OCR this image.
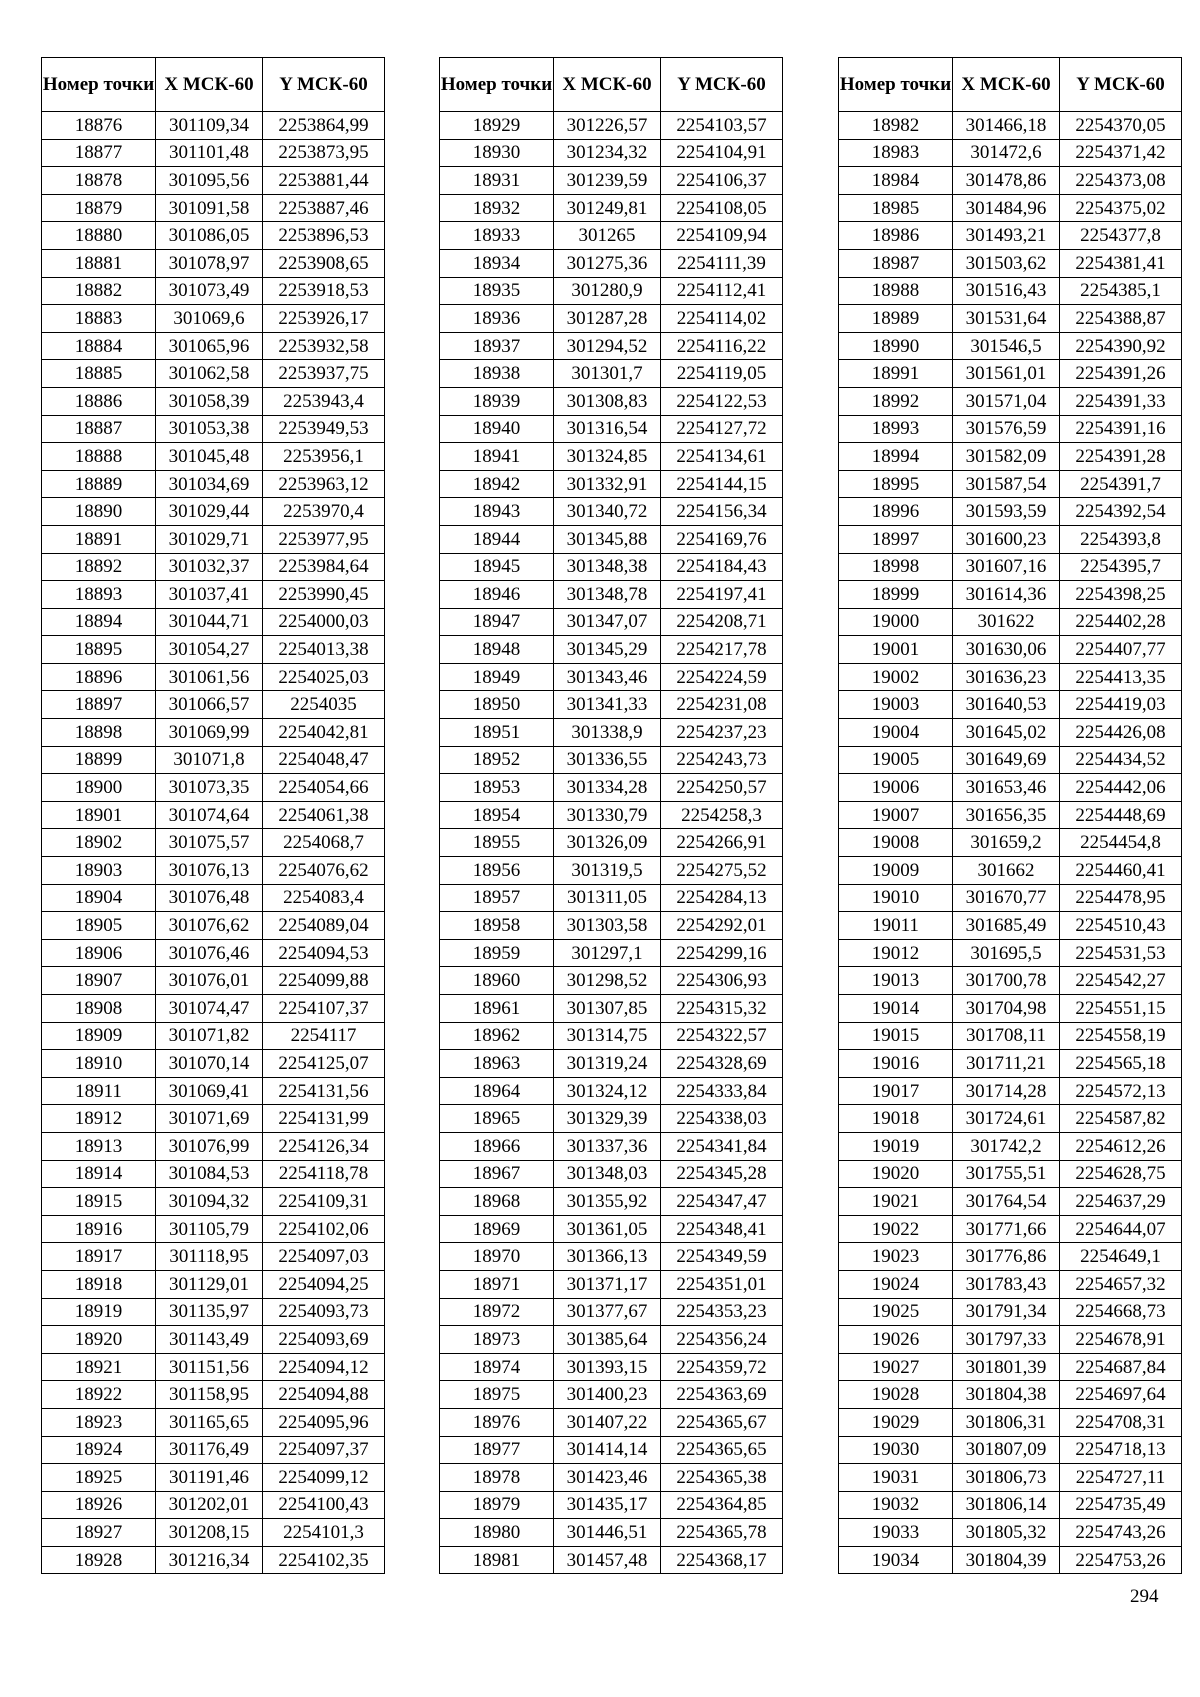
Номер точки	X МСК-60	Y МСК-60
18876	301109,34	2253864,99
18877	301101,48	2253873,95
18878	301095,56	2253881,44
18879	301091,58	2253887,46
18880	301086,05	2253896,53
18881	301078,97	2253908,65
18882	301073,49	2253918,53
18883	301069,6	2253926,17
18884	301065,96	2253932,58
18885	301062,58	2253937,75
18886	301058,39	2253943,4
18887	301053,38	2253949,53
18888	301045,48	2253956,1
18889	301034,69	2253963,12
18890	301029,44	2253970,4
18891	301029,71	2253977,95
18892	301032,37	2253984,64
18893	301037,41	2253990,45
18894	301044,71	2254000,03
18895	301054,27	2254013,38
18896	301061,56	2254025,03
18897	301066,57	2254035
18898	301069,99	2254042,81
18899	301071,8	2254048,47
18900	301073,35	2254054,66
18901	301074,64	2254061,38
18902	301075,57	2254068,7
18903	301076,13	2254076,62
18904	301076,48	2254083,4
18905	301076,62	2254089,04
18906	301076,46	2254094,53
18907	301076,01	2254099,88
18908	301074,47	2254107,37
18909	301071,82	2254117
18910	301070,14	2254125,07
18911	301069,41	2254131,56
18912	301071,69	2254131,99
18913	301076,99	2254126,34
18914	301084,53	2254118,78
18915	301094,32	2254109,31
18916	301105,79	2254102,06
18917	301118,95	2254097,03
18918	301129,01	2254094,25
18919	301135,97	2254093,73
18920	301143,49	2254093,69
18921	301151,56	2254094,12
18922	301158,95	2254094,88
18923	301165,65	2254095,96
18924	301176,49	2254097,37
18925	301191,46	2254099,12
18926	301202,01	2254100,43
18927	301208,15	2254101,3
18928	301216,34	2254102,35
Номер точки	X МСК-60	Y МСК-60
18929	301226,57	2254103,57
18930	301234,32	2254104,91
18931	301239,59	2254106,37
18932	301249,81	2254108,05
18933	301265	2254109,94
18934	301275,36	2254111,39
18935	301280,9	2254112,41
18936	301287,28	2254114,02
18937	301294,52	2254116,22
18938	301301,7	2254119,05
18939	301308,83	2254122,53
18940	301316,54	2254127,72
18941	301324,85	2254134,61
18942	301332,91	2254144,15
18943	301340,72	2254156,34
18944	301345,88	2254169,76
18945	301348,38	2254184,43
18946	301348,78	2254197,41
18947	301347,07	2254208,71
18948	301345,29	2254217,78
18949	301343,46	2254224,59
18950	301341,33	2254231,08
18951	301338,9	2254237,23
18952	301336,55	2254243,73
18953	301334,28	2254250,57
18954	301330,79	2254258,3
18955	301326,09	2254266,91
18956	301319,5	2254275,52
18957	301311,05	2254284,13
18958	301303,58	2254292,01
18959	301297,1	2254299,16
18960	301298,52	2254306,93
18961	301307,85	2254315,32
18962	301314,75	2254322,57
18963	301319,24	2254328,69
18964	301324,12	2254333,84
18965	301329,39	2254338,03
18966	301337,36	2254341,84
18967	301348,03	2254345,28
18968	301355,92	2254347,47
18969	301361,05	2254348,41
18970	301366,13	2254349,59
18971	301371,17	2254351,01
18972	301377,67	2254353,23
18973	301385,64	2254356,24
18974	301393,15	2254359,72
18975	301400,23	2254363,69
18976	301407,22	2254365,67
18977	301414,14	2254365,65
18978	301423,46	2254365,38
18979	301435,17	2254364,85
18980	301446,51	2254365,78
18981	301457,48	2254368,17
Номер точки	X МСК-60	Y МСК-60
18982	301466,18	2254370,05
18983	301472,6	2254371,42
18984	301478,86	2254373,08
18985	301484,96	2254375,02
18986	301493,21	2254377,8
18987	301503,62	2254381,41
18988	301516,43	2254385,1
18989	301531,64	2254388,87
18990	301546,5	2254390,92
18991	301561,01	2254391,26
18992	301571,04	2254391,33
18993	301576,59	2254391,16
18994	301582,09	2254391,28
18995	301587,54	2254391,7
18996	301593,59	2254392,54
18997	301600,23	2254393,8
18998	301607,16	2254395,7
18999	301614,36	2254398,25
19000	301622	2254402,28
19001	301630,06	2254407,77
19002	301636,23	2254413,35
19003	301640,53	2254419,03
19004	301645,02	2254426,08
19005	301649,69	2254434,52
19006	301653,46	2254442,06
19007	301656,35	2254448,69
19008	301659,2	2254454,8
19009	301662	2254460,41
19010	301670,77	2254478,95
19011	301685,49	2254510,43
19012	301695,5	2254531,53
19013	301700,78	2254542,27
19014	301704,98	2254551,15
19015	301708,11	2254558,19
19016	301711,21	2254565,18
19017	301714,28	2254572,13
19018	301724,61	2254587,82
19019	301742,2	2254612,26
19020	301755,51	2254628,75
19021	301764,54	2254637,29
19022	301771,66	2254644,07
19023	301776,86	2254649,1
19024	301783,43	2254657,32
19025	301791,34	2254668,73
19026	301797,33	2254678,91
19027	301801,39	2254687,84
19028	301804,38	2254697,64
19029	301806,31	2254708,31
19030	301807,09	2254718,13
19031	301806,73	2254727,11
19032	301806,14	2254735,49
19033	301805,32	2254743,26
19034	301804,39	2254753,26
294
